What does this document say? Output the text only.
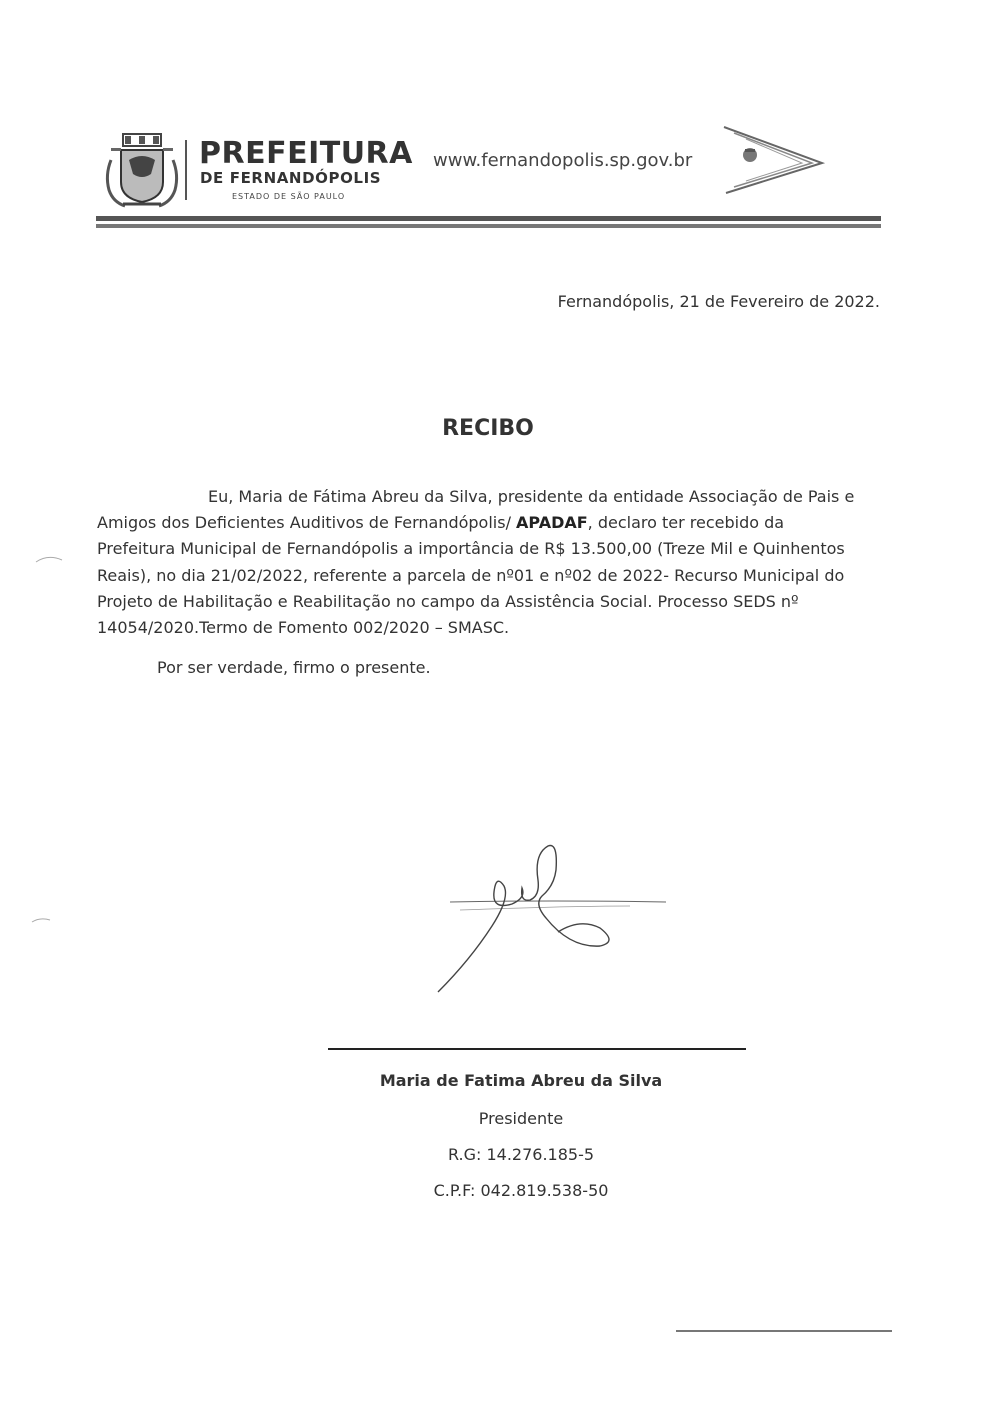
PREFEITURA
DE FERNANDÓPOLIS
ESTADO DE SÃO PAULO
www.fernandopolis.sp.gov.br
Fernandópolis, 21 de Fevereiro de 2022.
RECIBO
Eu, Maria de Fátima Abreu da Silva, presidente da entidade Associação de Pais e Amigos dos Deficientes Auditivos de Fernandópolis/ APADAF, declaro ter recebido da Prefeitura Municipal de Fernandópolis a importância de R$ 13.500,00 (Treze Mil e Quinhentos Reais), no dia 21/02/2022, referente a parcela de nº01 e nº02 de 2022- Recurso Municipal do Projeto de Habilitação e Reabilitação no campo da Assistência Social. Processo SEDS nº 14054/2020.Termo de Fomento 002/2020 – SMASC.
Por ser verdade, firmo o presente.
Maria de Fatima Abreu da Silva
Presidente
R.G: 14.276.185-5
C.P.F: 042.819.538-50
